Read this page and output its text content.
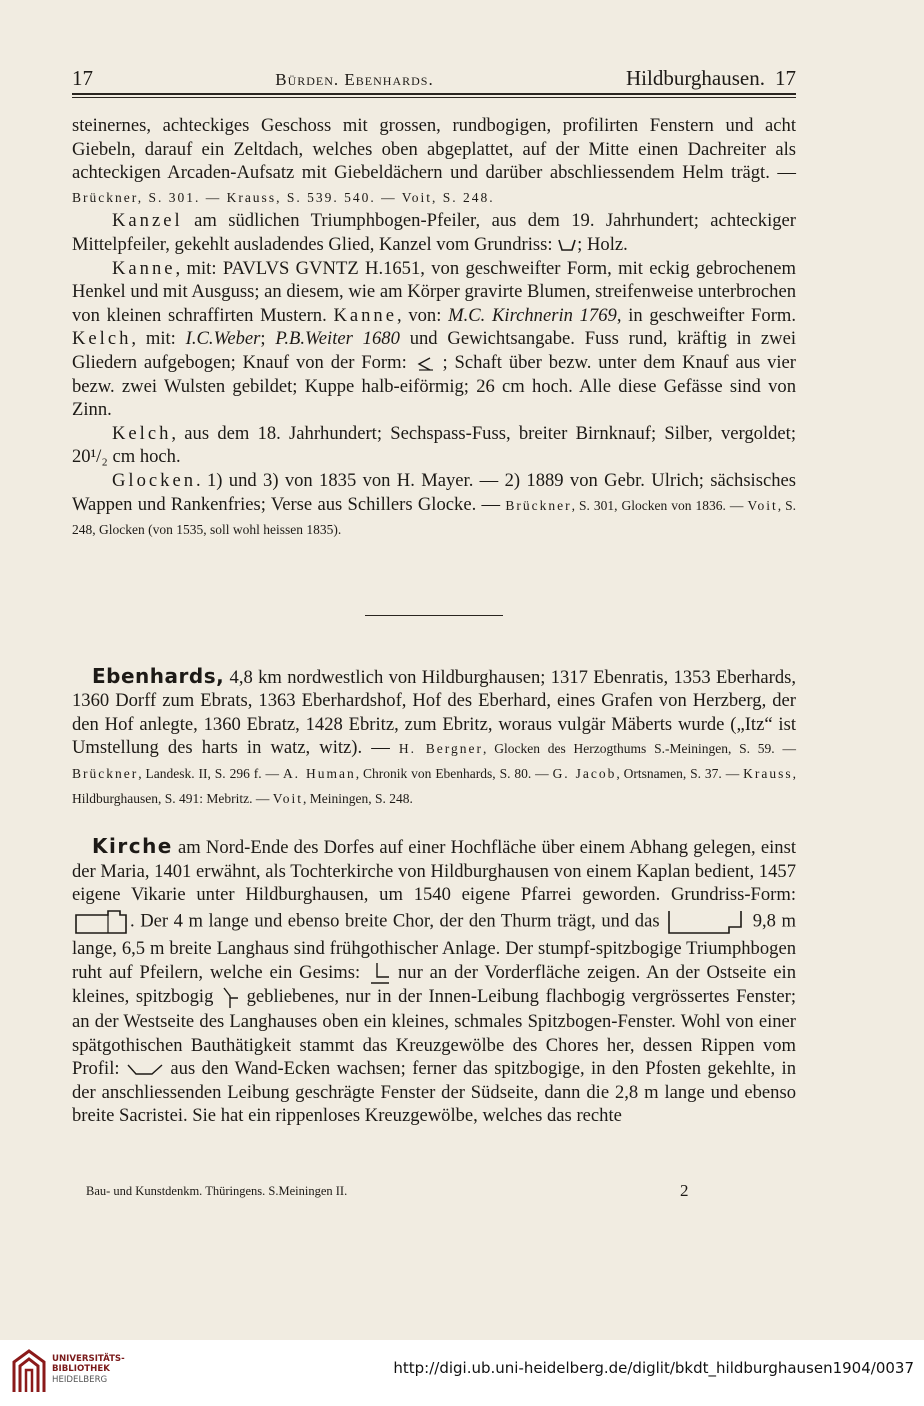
17	Bürden. Ebenhards.	Hildburghausen. 17

steinernes, achteckiges Geschoss mit grossen, rundbogigen, profilirten Fenstern und acht Giebeln, darauf ein Zeltdach, welches oben abgeplattet, auf der Mitte einen Dachreiter als achteckigen Arcaden-Aufsatz mit Giebeldächern und darüber abschliessendem Helm trägt. — Brückner, S. 301. — Krauss, S. 539. 540. — Voit, S. 248.

Kanzel am südlichen Triumphbogen-Pfeiler, aus dem 19. Jahrhundert; achteckiger Mittelpfeiler, gekehlt ausladendes Glied, Kanzel vom Grundriss: ; Holz.

Kanne, mit: PAVLVS GVNTZ H.1651, von geschweifter Form, mit eckig gebrochenem Henkel und mit Ausguss; an diesem, wie am Körper gravirte Blumen, streifenweise unterbrochen von kleinen schraffirten Mustern. Kanne, von: M.C. Kirchnerin 1769, in geschweifter Form. Kelch, mit: I.C.Weber; P.B.Weiter 1680 und Gewichtsangabe. Fuss rund, kräftig in zwei Gliedern aufgebogen; Knauf von der Form:  ; Schaft über bezw. unter dem Knauf aus vier bezw. zwei Wulsten gebildet; Kuppe halb-eiförmig; 26 cm hoch. Alle diese Gefässe sind von Zinn.

Kelch, aus dem 18. Jahrhundert; Sechspass-Fuss, breiter Birnknauf; Silber, vergoldet; 20¹/₂ cm hoch.

Glocken. 1) und 3) von 1835 von H. Mayer. — 2) 1889 von Gebr. Ulrich; sächsisches Wappen und Rankenfries; Verse aus Schillers Glocke. — Brückner, S. 301, Glocken von 1836. — Voit, S. 248, Glocken (von 1535, soll wohl heissen 1835).

Ebenhards, 4,8 km nordwestlich von Hildburghausen; 1317 Ebenratis, 1353 Eberhards, 1360 Dorff zum Ebrats, 1363 Eberhardshof, Hof des Eberhard, eines Grafen von Herzberg, der den Hof anlegte, 1360 Ebratz, 1428 Ebritz, zum Ebritz, woraus vulgär Mäberts wurde („Itz“ ist Umstellung des harts in watz, witz). — H. Bergner, Glocken des Herzogthums S.-Meiningen, S. 59. — Brückner, Landesk. II, S. 296 f. — A. Human, Chronik von Ebenhards, S. 80. — G. Jacob, Ortsnamen, S. 37. — Krauss, Hildburghausen, S. 491: Mebritz. — Voit, Meiningen, S. 248.

Kirche am Nord-Ende des Dorfes auf einer Hochfläche über einem Abhang gelegen, einst der Maria, 1401 erwähnt, als Tochterkirche von Hildburghausen von einem Kaplan bedient, 1457 eigene Vikarie unter Hildburghausen, um 1540 eigene Pfarrei geworden. Grundriss-Form: . Der 4 m lange und ebenso breite Chor, der den Thurm trägt, und das	9,8 m lange, 6,5 m breite Langhaus sind frühgothischer Anlage. Der stumpf-spitzbogige Triumphbogen ruht auf Pfeilern, welche ein Gesims:  nur an der Vorderfläche zeigen. An der Ostseite ein kleines, spitzbogig  gebliebenes, nur in der Innen-Leibung flachbogig vergrössertes Fenster; an der Westseite des Langhauses oben ein kleines, schmales Spitzbogen-Fenster. Wohl von einer spätgothischen Bauthätigkeit stammt das Kreuzgewölbe des Chores her, dessen Rippen vom Profil:  aus den Wand-Ecken wachsen; ferner das spitzbogige, in den Pfosten gekehlte, in der anschliessenden Leibung geschrägte Fenster der Südseite, dann die 2,8 m lange und ebenso breite Sacristei. Sie hat ein rippenloses Kreuzgewölbe, welches das rechte

Bau- und Kunstdenkm. Thüringens. S.Meiningen II.	2
UNIVERSITÄTS-
BIBLIOTHEK
HEIDELBERG
http://digi.ub.uni-heidelberg.de/diglit/bkdt_hildburghausen1904/0037
